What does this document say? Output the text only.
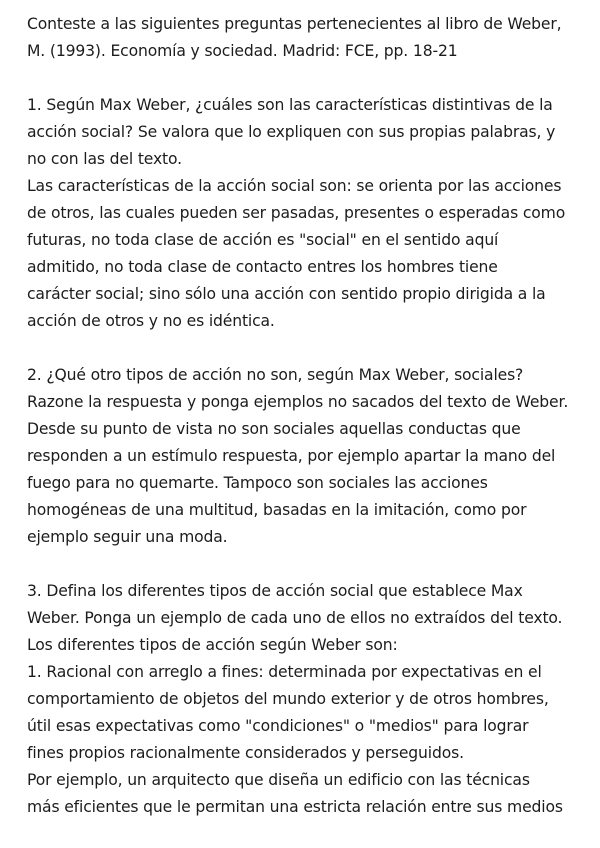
Conteste a las siguientes preguntas pertenecientes al libro de Weber,
M. (1993). Economía y sociedad. Madrid: FCE, pp. 18-21
1. Según Max Weber, ¿cuáles son las características distintivas de la
acción social? Se valora que lo expliquen con sus propias palabras, y
no con las del texto.
Las características de la acción social son: se orienta por las acciones
de otros, las cuales pueden ser pasadas, presentes o esperadas como
futuras, no toda clase de acción es "social" en el sentido aquí
admitido, no toda clase de contacto entres los hombres tiene
carácter social; sino sólo una acción con sentido propio dirigida a la
acción de otros y no es idéntica.
2. ¿Qué otro tipos de acción no son, según Max Weber, sociales?
Razone la respuesta y ponga ejemplos no sacados del texto de Weber.
Desde su punto de vista no son sociales aquellas conductas que
responden a un estímulo respuesta, por ejemplo apartar la mano del
fuego para no quemarte. Tampoco son sociales las acciones
homogéneas de una multitud, basadas en la imitación, como por
ejemplo seguir una moda.
3. Defina los diferentes tipos de acción social que establece Max
Weber. Ponga un ejemplo de cada uno de ellos no extraídos del texto.
Los diferentes tipos de acción según Weber son:
1. Racional con arreglo a fines: determinada por expectativas en el
comportamiento de objetos del mundo exterior y de otros hombres,
útil esas expectativas como "condiciones" o "medios" para lograr
fines propios racionalmente considerados y perseguidos.
Por ejemplo, un arquitecto que diseña un edificio con las técnicas
más eficientes que le permitan una estricta relación entre sus medios
